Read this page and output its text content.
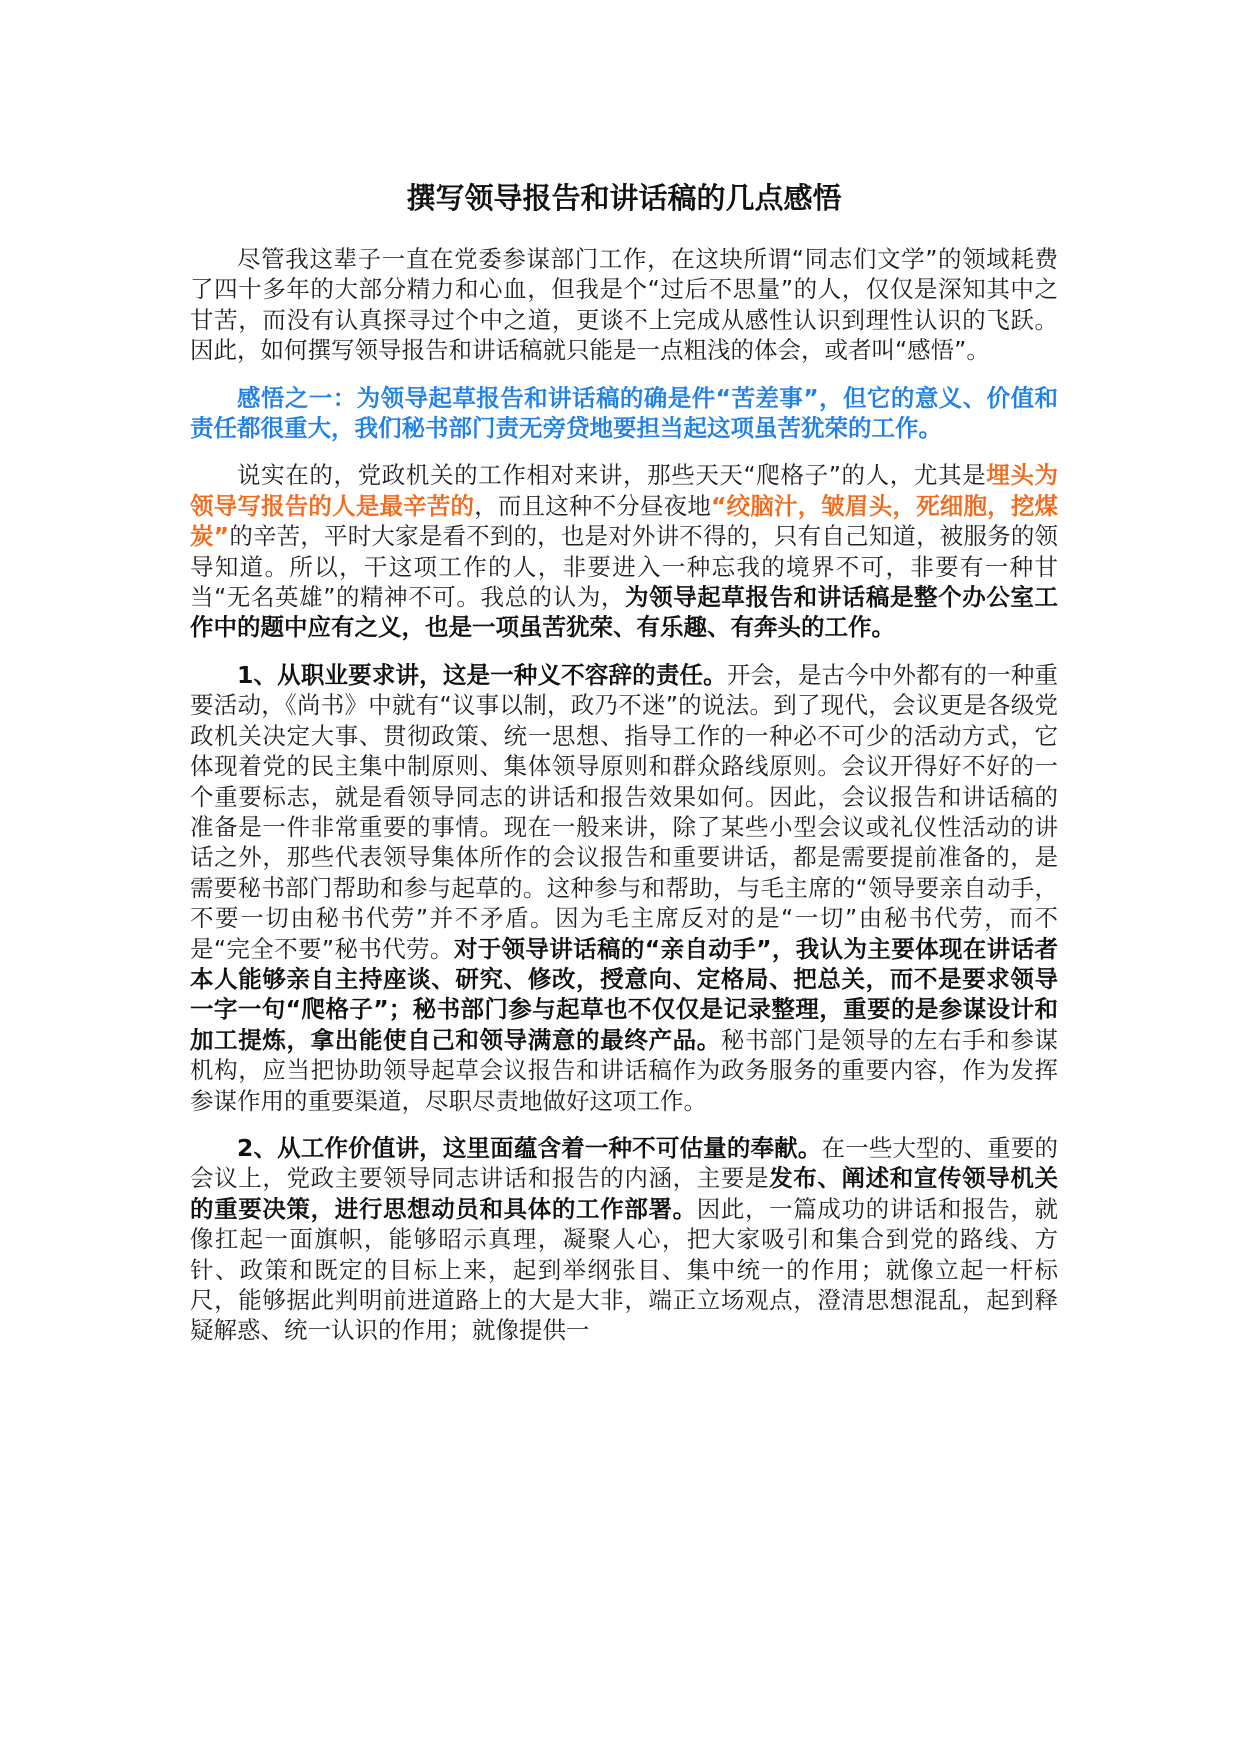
撰写领导报告和讲话稿的几点感悟

尽管我这辈子一直在党委参谋部门工作，在这块所谓“同志们文学”的领域耗费了四十多年的大部分精力和心血，但我是个“过后不思量”的人，仅仅是深知其中之甘苦，而没有认真探寻过个中之道，更谈不上完成从感性认识到理性认识的飞跃。因此，如何撰写领导报告和讲话稿就只能是一点粗浅的体会，或者叫“感悟”。

感悟之一：为领导起草报告和讲话稿的确是件“苦差事”，但它的意义、价值和责任都很重大，我们秘书部门责无旁贷地要担当起这项虽苦犹荣的工作。

说实在的，党政机关的工作相对来讲，那些天天“爬格子”的人，尤其是埋头为领导写报告的人是最辛苦的，而且这种不分昼夜地“绞脑汁，皱眉头，死细胞，挖煤炭”的辛苦，平时大家是看不到的，也是对外讲不得的，只有自己知道，被服务的领导知道。所以，干这项工作的人，非要进入一种忘我的境界不可，非要有一种甘当“无名英雄”的精神不可。我总的认为，为领导起草报告和讲话稿是整个办公室工作中的题中应有之义，也是一项虽苦犹荣、有乐趣、有奔头的工作。

1、从职业要求讲，这是一种义不容辞的责任。开会，是古今中外都有的一种重要活动，《尚书》中就有“议事以制，政乃不迷”的说法。到了现代，会议更是各级党政机关决定大事、贯彻政策、统一思想、指导工作的一种必不可少的活动方式，它体现着党的民主集中制原则、集体领导原则和群众路线原则。会议开得好不好的一个重要标志，就是看领导同志的讲话和报告效果如何。因此，会议报告和讲话稿的准备是一件非常重要的事情。现在一般来讲，除了某些小型会议或礼仪性活动的讲话之外，那些代表领导集体所作的会议报告和重要讲话，都是需要提前准备的，是需要秘书部门帮助和参与起草的。这种参与和帮助，与毛主席的“领导要亲自动手，不要一切由秘书代劳”并不矛盾。因为毛主席反对的是“一切”由秘书代劳，而不是“完全不要”秘书代劳。对于领导讲话稿的“亲自动手”，我认为主要体现在讲话者本人能够亲自主持座谈、研究、修改，授意向、定格局、把总关，而不是要求领导一字一句“爬格子”；秘书部门参与起草也不仅仅是记录整理，重要的是参谋设计和加工提炼，拿出能使自己和领导满意的最终产品。秘书部门是领导的左右手和参谋机构，应当把协助领导起草会议报告和讲话稿作为政务服务的重要内容，作为发挥参谋作用的重要渠道，尽职尽责地做好这项工作。

2、从工作价值讲，这里面蕴含着一种不可估量的奉献。在一些大型的、重要的会议上，党政主要领导同志讲话和报告的内涵，主要是发布、阐述和宣传领导机关的重要决策，进行思想动员和具体的工作部署。因此，一篇成功的讲话和报告，就像扛起一面旗帜，能够昭示真理，凝聚人心，把大家吸引和集合到党的路线、方针、政策和既定的目标上来，起到举纲张目、集中统一的作用；就像立起一杆标尺，能够据此判明前进道路上的大是大非，端正立场观点，澄清思想混乱，起到释疑解惑、统一认识的作用；就像提供一
